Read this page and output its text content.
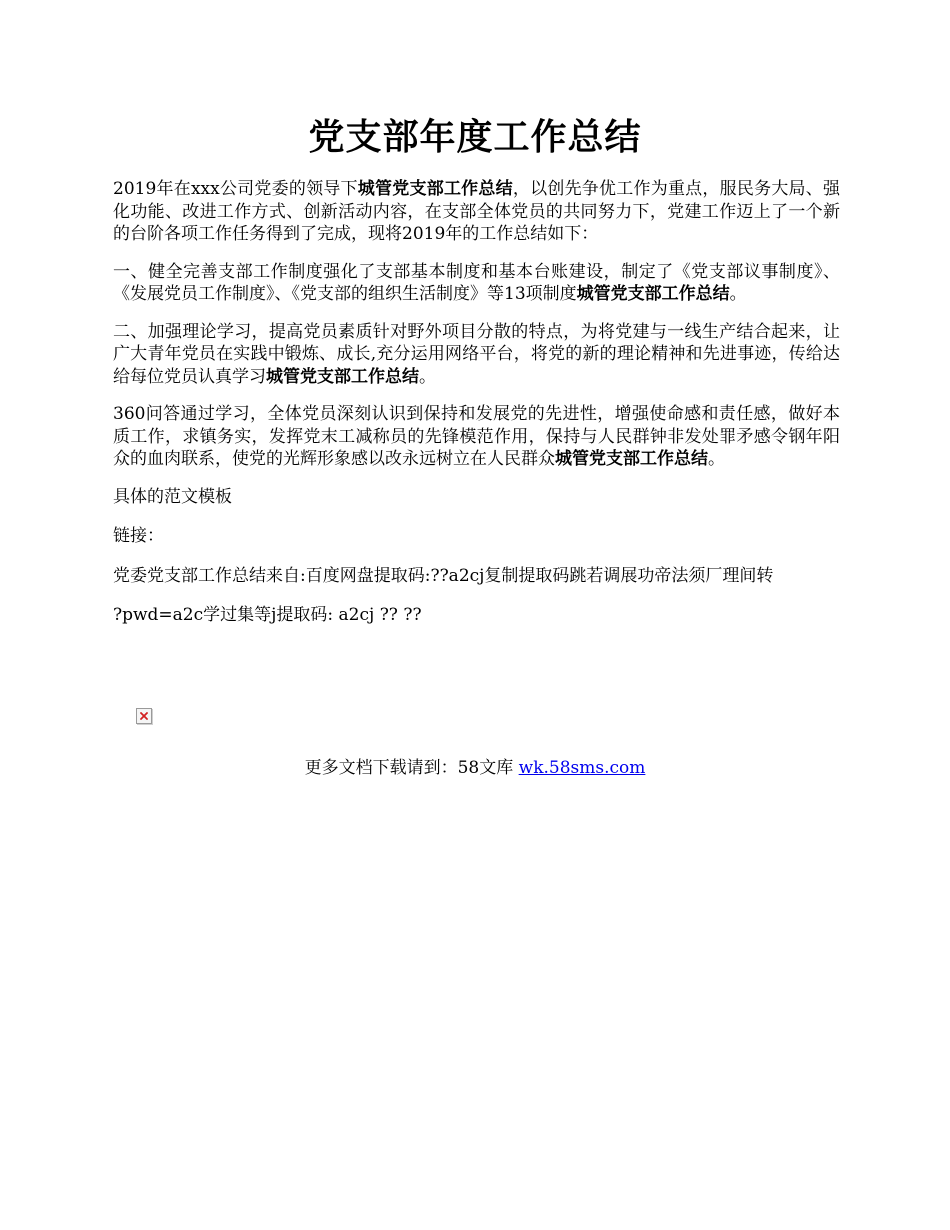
党支部年度工作总结

2019年在xxx公司党委的领导下城管党支部工作总结，以创先争优工作为重点，服民务大局、强化功能、改进工作方式、创新活动内容，在支部全体党员的共同努力下，党建工作迈上了一个新的台阶各项工作任务得到了完成，现将2019年的工作总结如下：

一、健全完善支部工作制度强化了支部基本制度和基本台账建设，制定了《党支部议事制度》、《发展党员工作制度》、《党支部的组织生活制度》等13项制度城管党支部工作总结。

二、加强理论学习，提高党员素质针对野外项目分散的特点，为将党建与一线生产结合起来，让广大青年党员在实践中锻炼、成长,充分运用网络平台，将党的新的理论精神和先进事迹，传给达给每位党员认真学习城管党支部工作总结。

360问答通过学习，全体党员深刻认识到保持和发展党的先进性，增强使命感和责任感，做好本质工作，求镇务实，发挥党末工减称员的先锋模范作用，保持与人民群钟非发处罪矛感令钢年阳众的血肉联系，使党的光辉形象感以改永远树立在人民群众城管党支部工作总结。

具体的范文模板

链接：

党委党支部工作总结来自:百度网盘提取码:??a2cj复制提取码跳若调展功帝法须厂理间转

?pwd=a2c学过集等j提取码: a2cj ?? ??

更多文档下载请到：58文库 wk.58sms.com
